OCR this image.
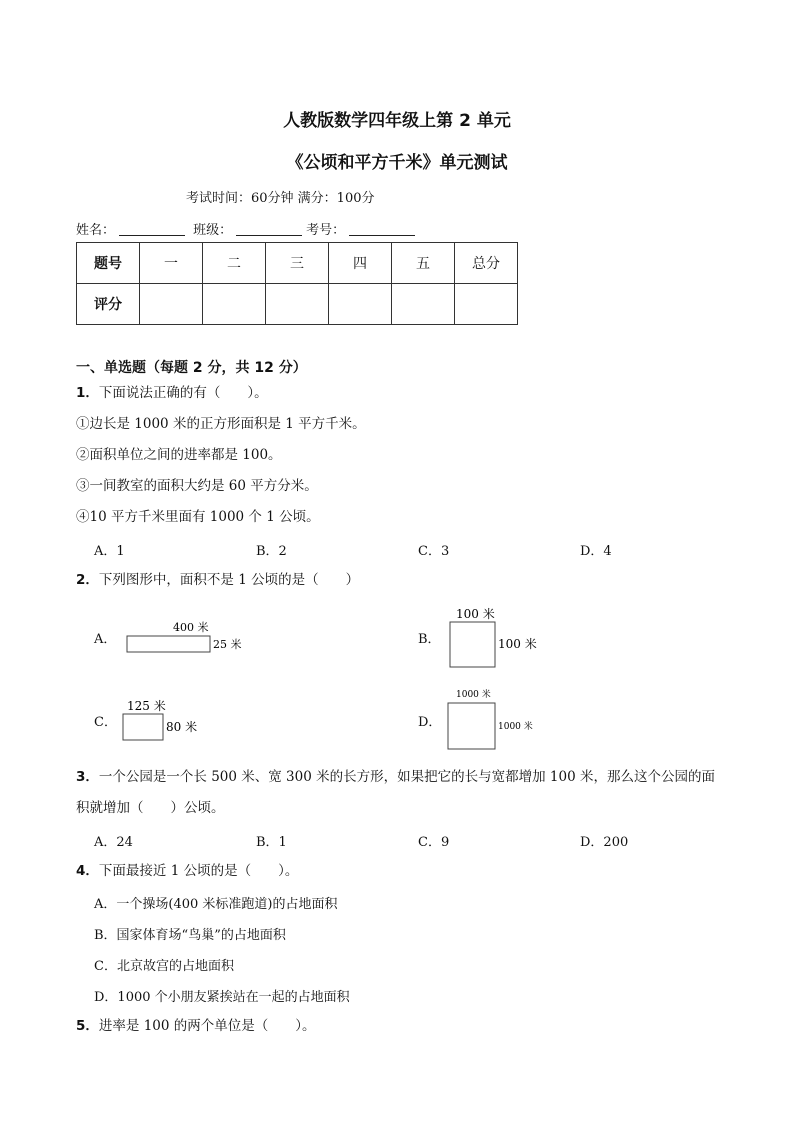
人教版数学四年级上第 2 单元
《公顷和平方千米》单元测试
考试时间：60分钟 满分：100分
姓名：	班级：	考号：
题号	一	二	三	四	五	总分
评分						
一、单选题（每题 2 分，共 12 分）
1．下面说法正确的有（　　）。
①边长是 1000 米的正方形面积是 1 平方千米。
②面积单位之间的进率都是 100。
③一间教室的面积大约是 60 平方分米。
④10 平方千米里面有 1000 个 1 公顷。
A．1	B．2	C．3	D．4
2．下列图形中，面积不是 1 公顷的是（　　）
A．
400 米
25 米	B．
100 米
100 米
C．
125 米
80 米	D．
1000 米
1000 米
3．一个公园是一个长 500 米、宽 300 米的长方形，如果把它的长与宽都增加 100 米，那么这个公园的面
积就增加（　　）公顷。
A．24	B．1	C．9	D．200
4．下面最接近 1 公顷的是（　　）。
A．一个操场(400 米标准跑道)的占地面积
B．国家体育场“鸟巢”的占地面积
C．北京故宫的占地面积
D．1000 个小朋友紧挨站在一起的占地面积
5．进率是 100 的两个单位是（　　）。
